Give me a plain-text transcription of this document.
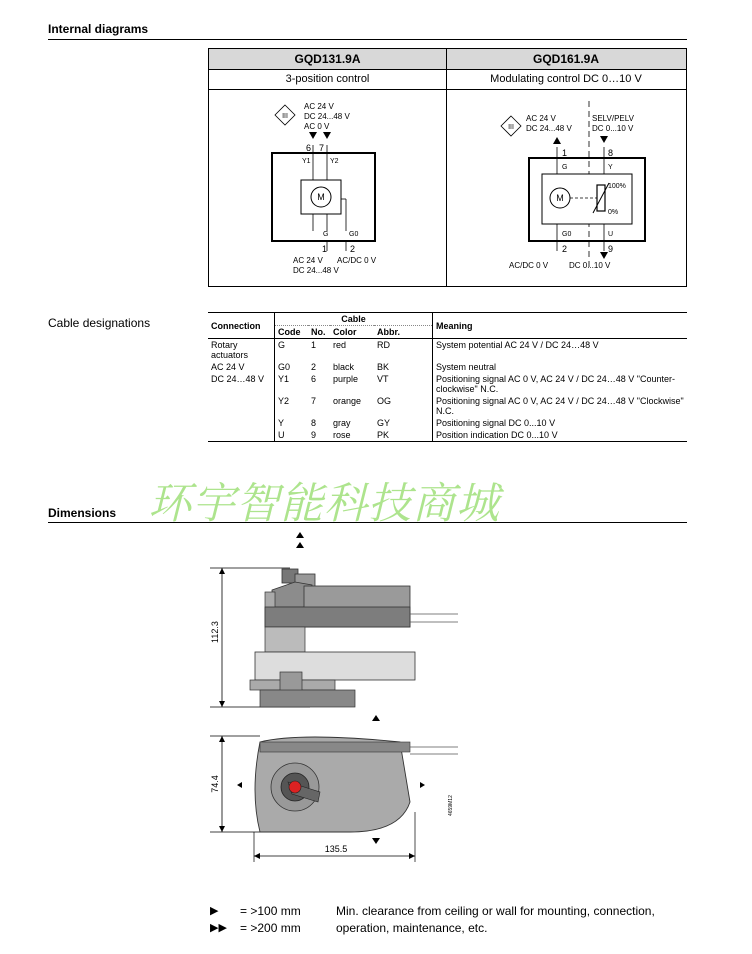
Internal diagrams
GQD131.9A	GQD161.9A
3-position control	Modulating control DC 0…10 V
III
AC 24 V
DC 24...48 V
AC 0 V
6 7
Y1	Y2
M
G	G0
1	2
AC 24 V AC/DC 0 V
DC 24...48 V
III
AC 24 V
DC 24...48 V
SELV/PELV
DC 0...10 V
1	8
G	Y
M
100%
0%
G0	U
2	9
AC/DC 0 V	DC 0...10 V
Cable designations	Connection	Cable				Meaning
	Code	No.	Color	Abbr.	
Rotary actuators	G	1	red	RD	System potential AC 24 V / DC 24…48 V
AC 24 V	G0	2	black	BK	System neutral
DC 24…48 V	Y1	6	purple	VT	Positioning signal AC 0 V, AC 24 V / DC 24…48 V "Counter-clockwise" N.C.
	Y2	7	orange	OG	Positioning signal AC 0 V, AC 24 V / DC 24…48 V "Clockwise" N.C.
	Y	8	gray	GY	Positioning signal DC 0...10 V
	U	9	rose	PK	Position indication DC 0...10 V
环宇智能科技商城
Dimensions
112.3
74.4
135.5
4659M12
▶	= >100 mm	Min. clearance from ceiling or wall for mounting, connection,
▶▶	= >200 mm	operation, maintenance, etc.
